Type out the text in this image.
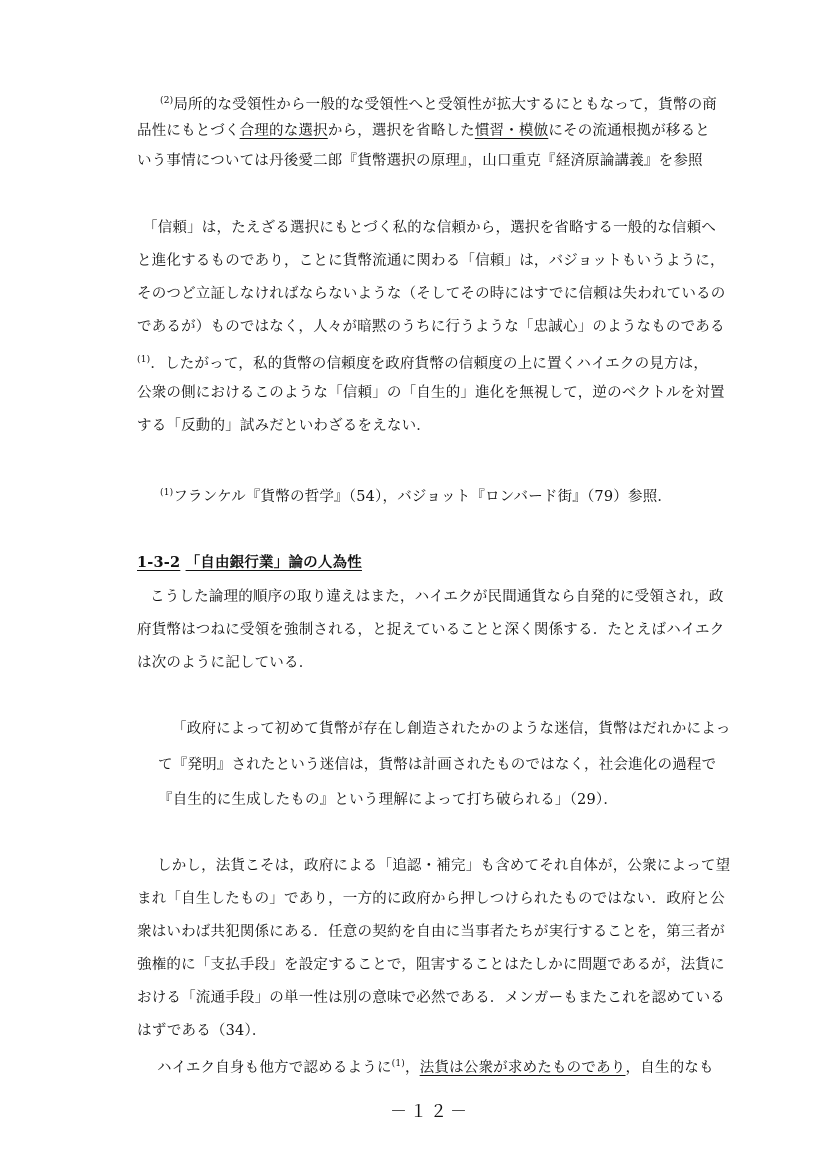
$^{(2)}$局所的な受領性から一般的な受領性へと受領性が拡大するにともなって，貨幣の商
品性にもとづく合理的な選択から，選択を省略した慣習・模倣にその流通根拠が移ると
いう事情については丹後愛二郎『貨幣選択の原理』，山口重克『経済原論講義』を参照
「信頼」は，たえざる選択にもとづく私的な信頼から，選択を省略する一般的な信頼へ
と進化するものであり，ことに貨幣流通に関わる「信頼」は，バジョットもいうように，
そのつど立証しなければならないような（そしてその時にはすでに信頼は失われているの
であるが）ものではなく，人々が暗黙のうちに行うような「忠誠心」のようなものである
$^{(1)}$．したがって，私的貨幣の信頼度を政府貨幣の信頼度の上に置くハイエクの見方は，
公衆の側におけるこのような「信頼」の「自生的」進化を無視して，逆のベクトルを対置
する「反動的」試みだといわざるをえない．
$^{(1)}$フランケル『貨幣の哲学』（54），バジョット『ロンバード街』（79）参照．
1-3-2 「自由銀行業」論の人為性
こうした論理的順序の取り違えはまた，ハイエクが民間通貨なら自発的に受領され，政
府貨幣はつねに受領を強制される，と捉えていることと深く関係する．たとえばハイエク
は次のように記している．
「政府によって初めて貨幣が存在し創造されたかのような迷信，貨幣はだれかによっ
て『発明』されたという迷信は，貨幣は計画されたものではなく，社会進化の過程で
『自生的に生成したもの』という理解によって打ち破られる」（29）．
しかし，法貨こそは，政府による「追認・補完」も含めてそれ自体が，公衆によって望
まれ「自生したもの」であり，一方的に政府から押しつけられたものではない．政府と公
衆はいわば共犯関係にある．任意の契約を自由に当事者たちが実行することを，第三者が
強権的に「支払手段」を設定することで，阻害することはたしかに問題であるが，法貨に
おける「流通手段」の単一性は別の意味で必然である．メンガーもまたこれを認めている
はずである（34）．
ハイエク自身も他方で認めるように$^{(1)}$，法貨は公衆が求めたものであり，自生的なも
－１２－
